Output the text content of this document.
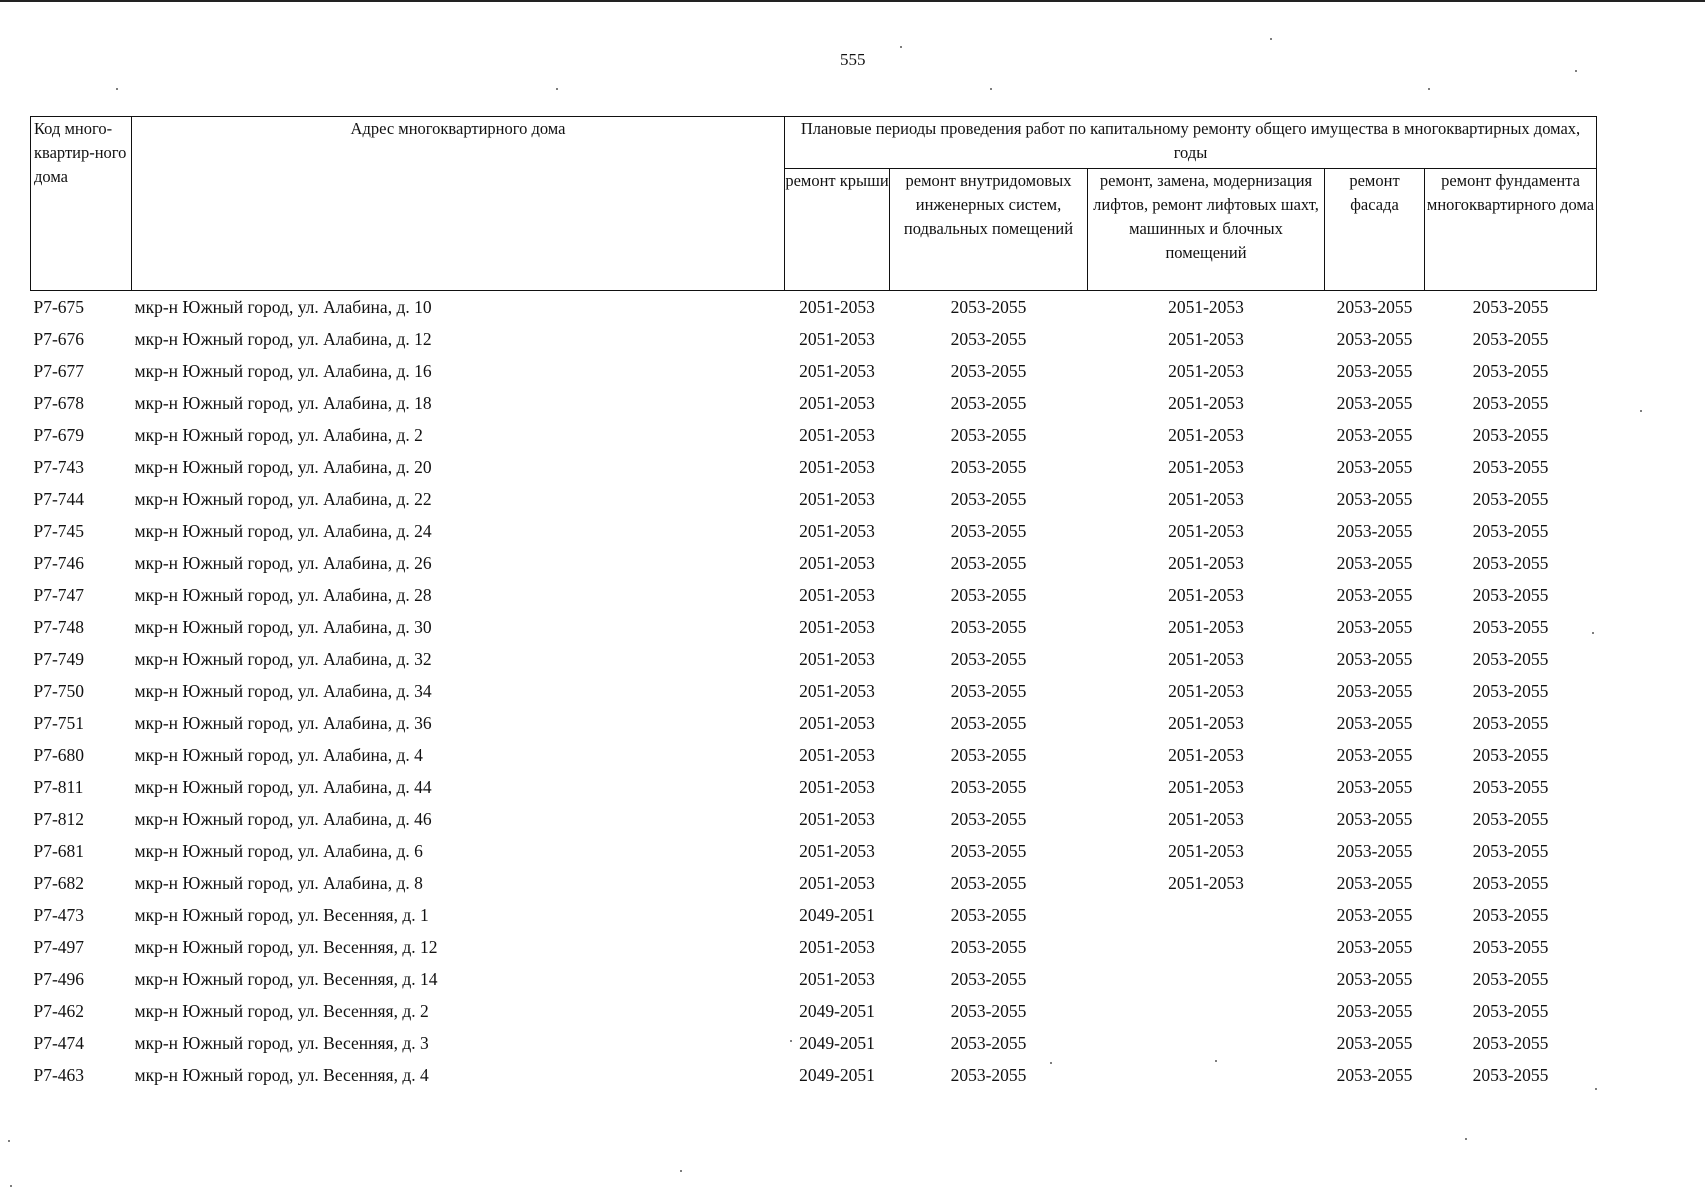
555
Код много-квартир-ного дома	Адрес многоквартирного дома	Плановые периоды проведения работ по капитальному ремонту общего имущества в многоквартирных домах, годы				
		ремонт крыши	ремонт внутридомовых инженерных систем, подвальных помещений	ремонт, замена, модернизация лифтов, ремонт лифтовых шахт, машинных и блочных помещений	ремонт фасада	ремонт фундамента многоквартирного дома
Р7-675	мкр-н Южный город, ул. Алабина, д. 10	2051-2053	2053-2055	2051-2053	2053-2055	2053-2055
Р7-676	мкр-н Южный город, ул. Алабина, д. 12	2051-2053	2053-2055	2051-2053	2053-2055	2053-2055
Р7-677	мкр-н Южный город, ул. Алабина, д. 16	2051-2053	2053-2055	2051-2053	2053-2055	2053-2055
Р7-678	мкр-н Южный город, ул. Алабина, д. 18	2051-2053	2053-2055	2051-2053	2053-2055	2053-2055
Р7-679	мкр-н Южный город, ул. Алабина, д. 2	2051-2053	2053-2055	2051-2053	2053-2055	2053-2055
Р7-743	мкр-н Южный город, ул. Алабина, д. 20	2051-2053	2053-2055	2051-2053	2053-2055	2053-2055
Р7-744	мкр-н Южный город, ул. Алабина, д. 22	2051-2053	2053-2055	2051-2053	2053-2055	2053-2055
Р7-745	мкр-н Южный город, ул. Алабина, д. 24	2051-2053	2053-2055	2051-2053	2053-2055	2053-2055
Р7-746	мкр-н Южный город, ул. Алабина, д. 26	2051-2053	2053-2055	2051-2053	2053-2055	2053-2055
Р7-747	мкр-н Южный город, ул. Алабина, д. 28	2051-2053	2053-2055	2051-2053	2053-2055	2053-2055
Р7-748	мкр-н Южный город, ул. Алабина, д. 30	2051-2053	2053-2055	2051-2053	2053-2055	2053-2055
Р7-749	мкр-н Южный город, ул. Алабина, д. 32	2051-2053	2053-2055	2051-2053	2053-2055	2053-2055
Р7-750	мкр-н Южный город, ул. Алабина, д. 34	2051-2053	2053-2055	2051-2053	2053-2055	2053-2055
Р7-751	мкр-н Южный город, ул. Алабина, д. 36	2051-2053	2053-2055	2051-2053	2053-2055	2053-2055
Р7-680	мкр-н Южный город, ул. Алабина, д. 4	2051-2053	2053-2055	2051-2053	2053-2055	2053-2055
Р7-811	мкр-н Южный город, ул. Алабина, д. 44	2051-2053	2053-2055	2051-2053	2053-2055	2053-2055
Р7-812	мкр-н Южный город, ул. Алабина, д. 46	2051-2053	2053-2055	2051-2053	2053-2055	2053-2055
Р7-681	мкр-н Южный город, ул. Алабина, д. 6	2051-2053	2053-2055	2051-2053	2053-2055	2053-2055
Р7-682	мкр-н Южный город, ул. Алабина, д. 8	2051-2053	2053-2055	2051-2053	2053-2055	2053-2055
Р7-473	мкр-н Южный город, ул. Весенняя, д. 1	2049-2051	2053-2055		2053-2055	2053-2055
Р7-497	мкр-н Южный город, ул. Весенняя, д. 12	2051-2053	2053-2055		2053-2055	2053-2055
Р7-496	мкр-н Южный город, ул. Весенняя, д. 14	2051-2053	2053-2055		2053-2055	2053-2055
Р7-462	мкр-н Южный город, ул. Весенняя, д. 2	2049-2051	2053-2055		2053-2055	2053-2055
Р7-474	мкр-н Южный город, ул. Весенняя, д. 3	2049-2051	2053-2055		2053-2055	2053-2055
Р7-463	мкр-н Южный город, ул. Весенняя, д. 4	2049-2051	2053-2055		2053-2055	2053-2055
